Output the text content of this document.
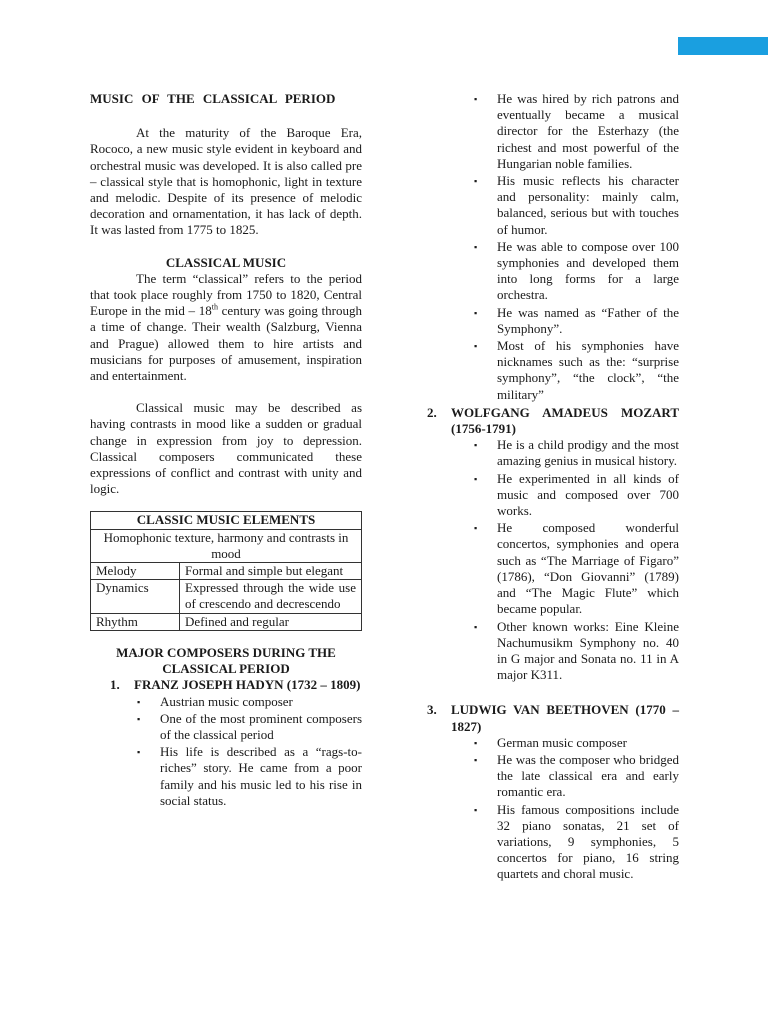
MUSIC OF THE CLASSICAL PERIOD

At the maturity of the Baroque Era, Rococo, a new music style evident in keyboard and orchestral music was developed. It is also called pre – classical style that is homophonic, light in texture and melodic. Despite of its presence of melodic decoration and ornamentation, it has lack of depth. It was lasted from 1775 to 1825.

CLASSICAL MUSIC

The term “classical” refers to the period that took place roughly from 1750 to 1820, Central Europe in the mid – 18th century was going through a time of change. Their wealth (Salzburg, Vienna and Prague) allowed them to hire artists and musicians for purposes of amusement, inspiration and entertainment.

Classical music may be described as having contrasts in mood like a sudden or gradual change in expression from joy to depression. Classical composers communicated these expressions of conflict and contrast with unity and logic.

CLASSIC MUSIC ELEMENTS	
Homophonic texture, harmony and contrasts in mood	
Melody	Formal and simple but elegant
Dynamics	Expressed through the wide use of crescendo and decrescendo
Rhythm	Defined and regular

MAJOR COMPOSERS DURING THE CLASSICAL PERIOD

1.	FRANZ JOSEPH HADYN (1732 – 1809)
▪ Austrian music composer
▪ One of the most prominent composers of the classical period
▪ His life is described as a “rags-to-riches” story. He came from a poor family and his music led to his rise in social status.
▪ He was hired by rich patrons and eventually became a musical director for the Esterhazy (the richest and most powerful of the Hungarian noble families.
▪ His music reflects his character and personality: mainly calm, balanced, serious but with touches of humor.
▪ He was able to compose over 100 symphonies and developed them into long forms for a large orchestra.
▪ He was named as “Father of the Symphony”.
▪ Most of his symphonies have nicknames such as the: “surprise symphony”, “the clock”, “the military”
2.	WOLFGANG AMADEUS MOZART (1756-1791)
▪ He is a child prodigy and the most amazing genius in musical history.
▪ He experimented in all kinds of music and composed over 700 works.
▪ He composed wonderful concertos, symphonies and opera such as “The Marriage of Figaro” (1786), “Don Giovanni” (1789) and “The Magic Flute” which became popular.
▪ Other known works: Eine Kleine Nachumusikm Symphony no. 40 in G major and Sonata no. 11 in A major K311.
3.	LUDWIG VAN BEETHOVEN (1770 – 1827)
▪ German music composer
▪ He was the composer who bridged the late classical era and early romantic era.
▪ His famous compositions include 32 piano sonatas, 21 set of variations, 9 symphonies, 5 concertos for piano, 16 string quartets and choral music.
